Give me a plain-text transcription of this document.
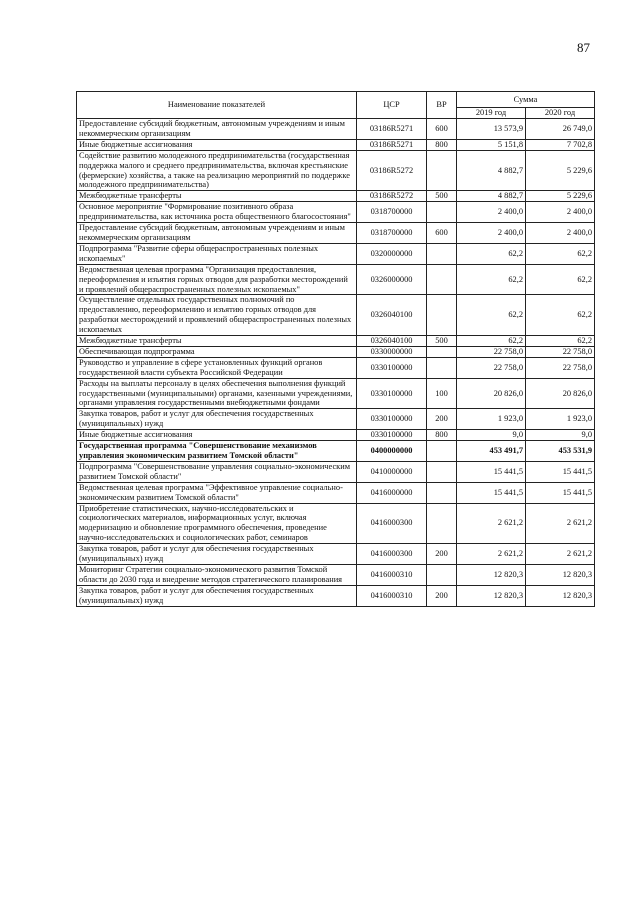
87
Наименование показателей	ЦСР	ВР	Сумма	
			2019 год	2020 год
Предоставление субсидий бюджетным, автономным учреждениям и иным некоммерческим организациям	03186R5271	600	13 573,9	26 749,0
Иные бюджетные ассигнования	03186R5271	800	5 151,8	7 702,8
Содействие развитию молодежного предпринимательства (государственная поддержка малого и среднего предпринимательства, включая крестьянские (фермерские) хозяйства, а также на реализацию мероприятий по поддержке молодежного предпринимательства)	03186R5272		4 882,7	5 229,6
Межбюджетные трансферты	03186R5272	500	4 882,7	5 229,6
Основное мероприятие "Формирование позитивного образа предпринимательства, как источника роста общественного благосостояния"	0318700000		2 400,0	2 400,0
Предоставление субсидий бюджетным, автономным учреждениям и иным некоммерческим организациям	0318700000	600	2 400,0	2 400,0
Подпрограмма "Развитие сферы общераспространенных полезных ископаемых"	0320000000		62,2	62,2
Ведомственная целевая программа "Организация предоставления, переоформления и изъятия горных отводов для разработки месторождений и проявлений общераспространенных полезных ископаемых"	0326000000		62,2	62,2
Осуществление отдельных государственных полномочий по предоставлению, переоформлению и изъятию горных отводов для разработки месторождений и проявлений общераспространенных полезных ископаемых	0326040100		62,2	62,2
Межбюджетные трансферты	0326040100	500	62,2	62,2
Обеспечивающая подпрограмма	0330000000		22 758,0	22 758,0
Руководство и управление в сфере установленных функций органов государственной власти субъекта Российской Федерации	0330100000		22 758,0	22 758,0
Расходы на выплаты персоналу в целях обеспечения выполнения функций государственными (муниципальными) органами, казенными учреждениями, органами управления государственными внебюджетными фондами	0330100000	100	20 826,0	20 826,0
Закупка товаров, работ и услуг для обеспечения государственных (муниципальных) нужд	0330100000	200	1 923,0	1 923,0
Иные бюджетные ассигнования	0330100000	800	9,0	9,0
Государственная программа "Совершенствование механизмов управления экономическим развитием Томской области"	0400000000		453 491,7	453 531,9
Подпрограмма "Совершенствование управления социально-экономическим развитием Томской области"	0410000000		15 441,5	15 441,5
Ведомственная целевая программа "Эффективное управление социально-экономическим развитием Томской области"	0416000000		15 441,5	15 441,5
Приобретение статистических, научно-исследовательских и социологических материалов, информационных услуг, включая модернизацию и обновление программного обеспечения, проведение научно-исследовательских и социологических работ, семинаров	0416000300		2 621,2	2 621,2
Закупка товаров, работ и услуг для обеспечения государственных (муниципальных) нужд	0416000300	200	2 621,2	2 621,2
Мониторинг Стратегии социально-экономического развития Томской области до 2030 года и внедрение методов стратегического планирования	0416000310		12 820,3	12 820,3
Закупка товаров, работ и услуг для обеспечения государственных (муниципальных) нужд	0416000310	200	12 820,3	12 820,3
